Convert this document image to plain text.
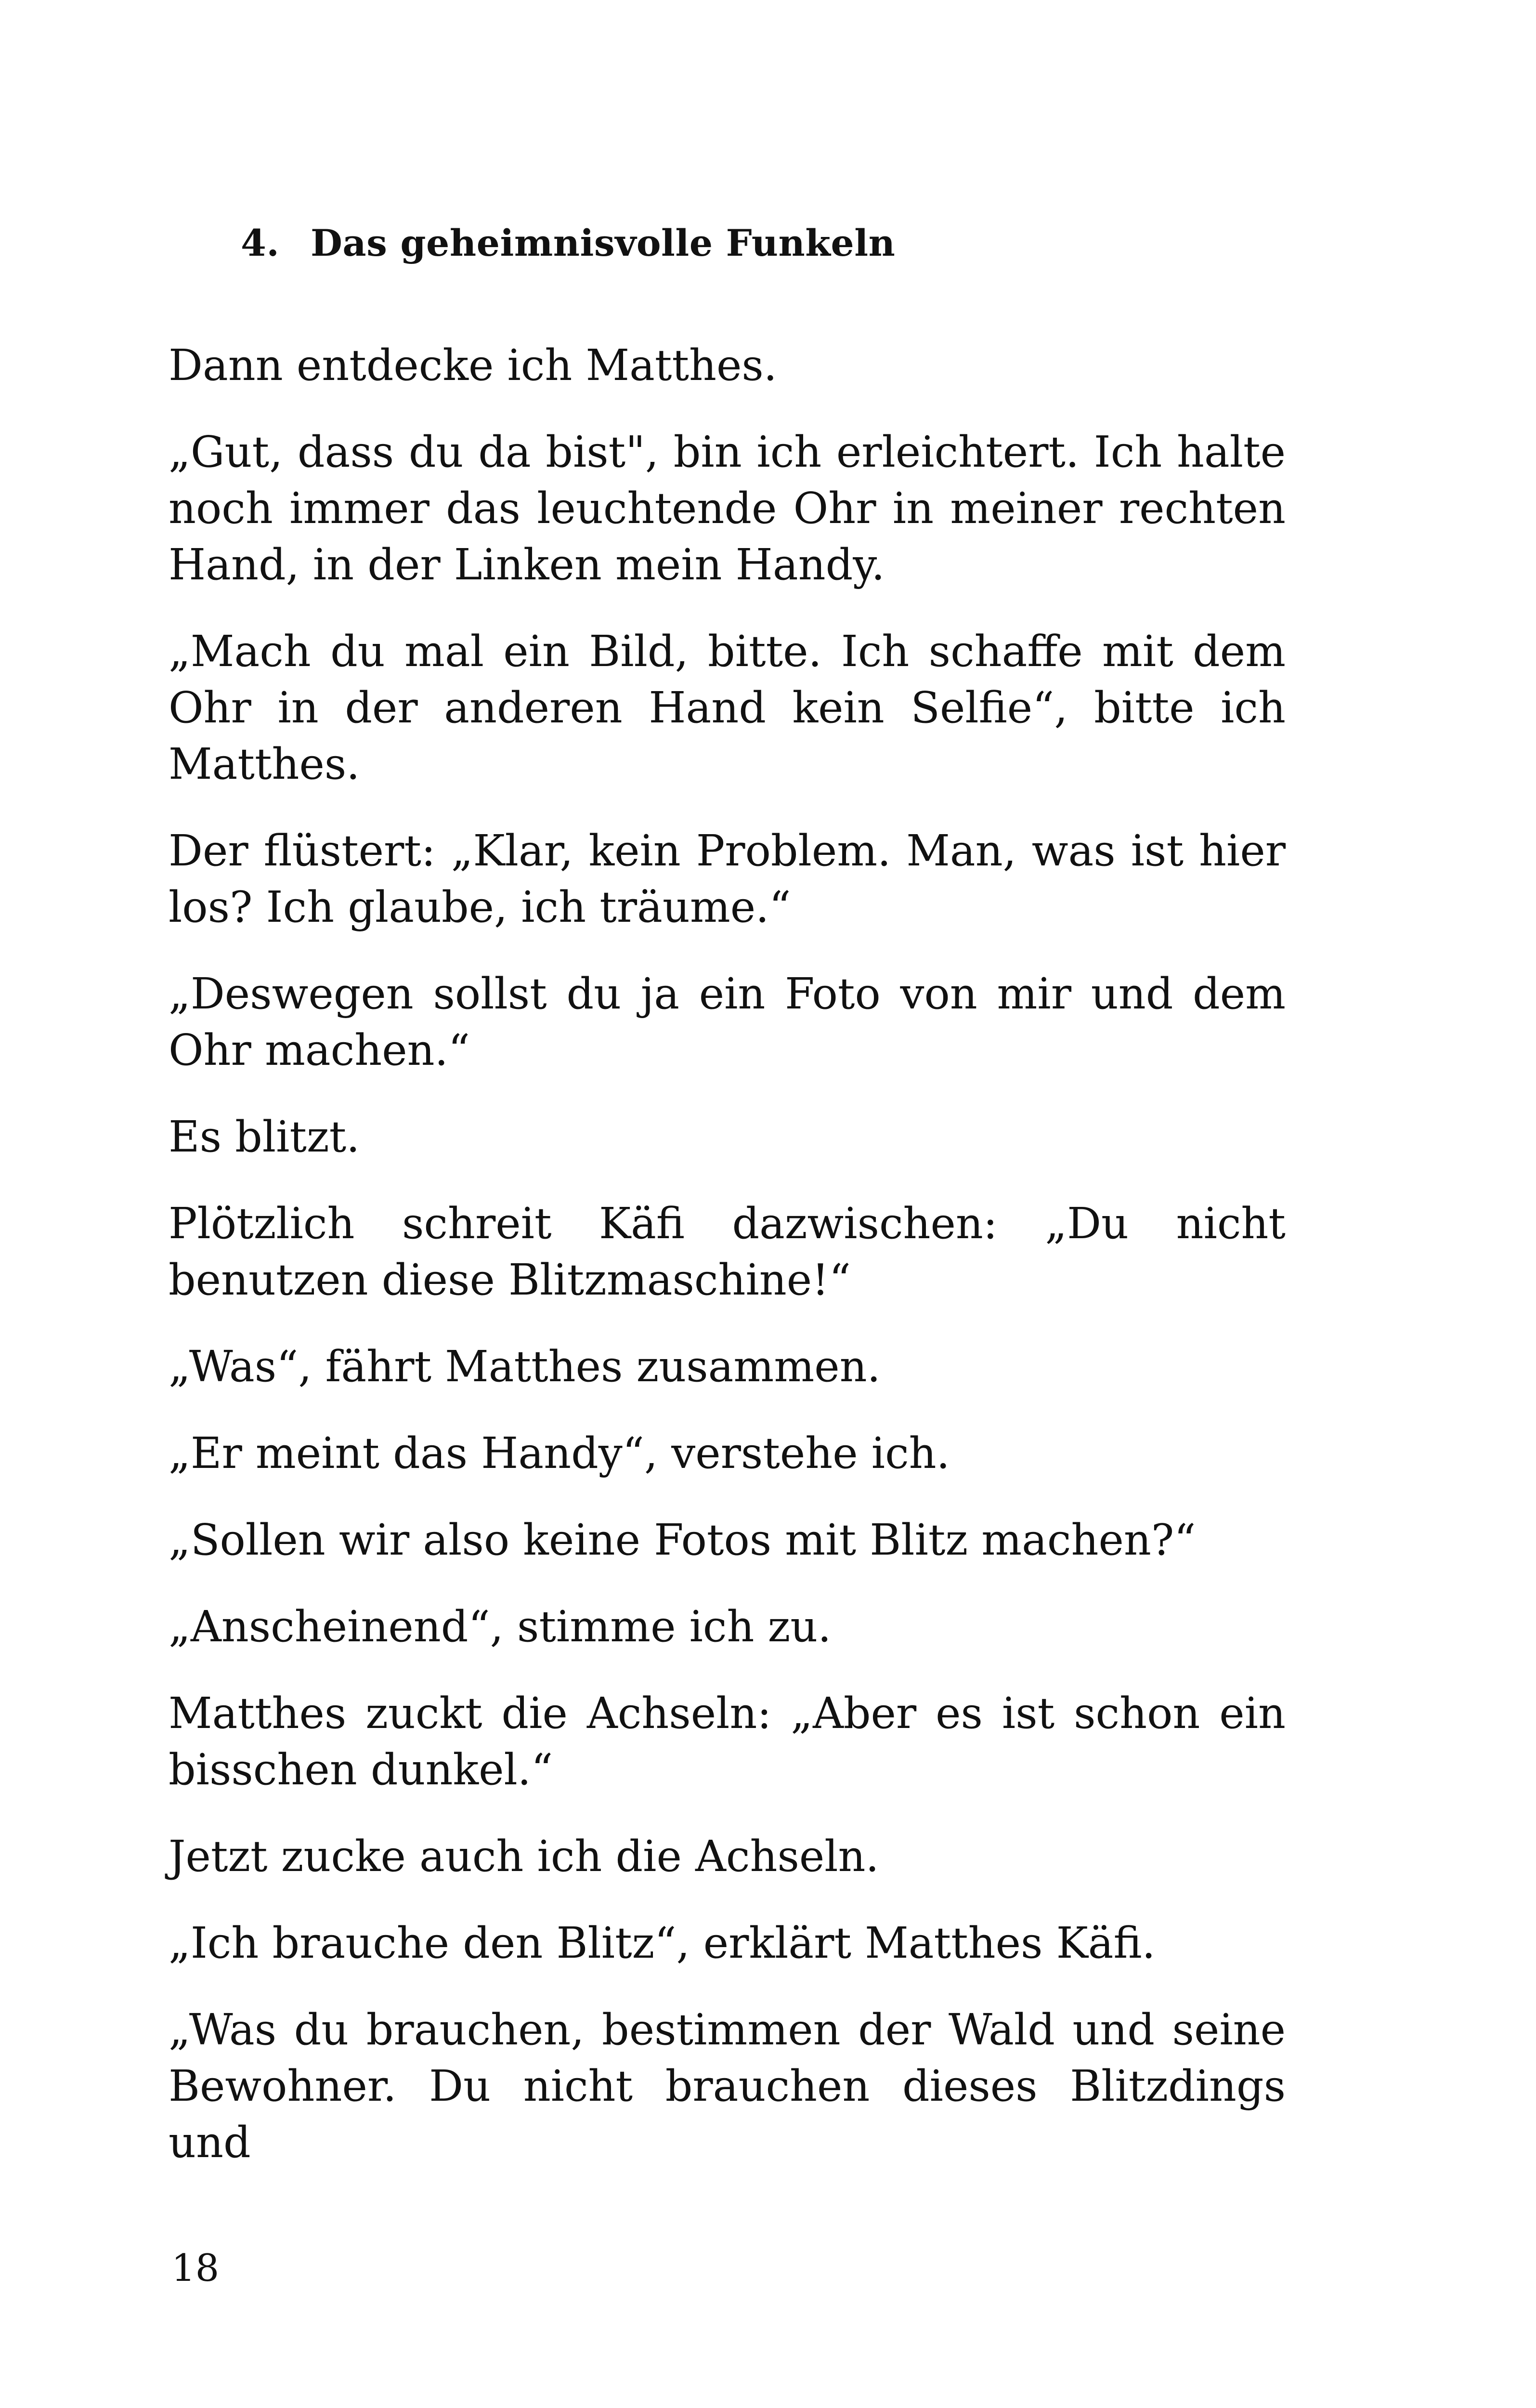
4. Das geheimnisvolle Funkeln

Dann entdecke ich Matthes.

„Gut, dass du da bist", bin ich erleichtert. Ich halte noch immer das leuchtende Ohr in meiner rechten Hand, in der Linken mein Handy.

„Mach du mal ein Bild, bitte. Ich schaffe mit dem Ohr in der anderen Hand kein Selfie“, bitte ich Matthes.

Der flüstert: „Klar, kein Problem. Man, was ist hier los? Ich glaube, ich träume.“

„Deswegen sollst du ja ein Foto von mir und dem Ohr machen.“

Es blitzt.

Plötzlich schreit Käfi dazwischen: „Du nicht benutzen diese Blitzmaschine!“

„Was“, fährt Matthes zusammen.

„Er meint das Handy“, verstehe ich.

„Sollen wir also keine Fotos mit Blitz machen?“

„Anscheinend“, stimme ich zu.

Matthes zuckt die Achseln: „Aber es ist schon ein bisschen dunkel.“

Jetzt zucke auch ich die Achseln.

„Ich brauche den Blitz“, erklärt Matthes Käfi.

„Was du brauchen, bestimmen der Wald und seine Bewohner. Du nicht brauchen dieses Blitzdings und

18
